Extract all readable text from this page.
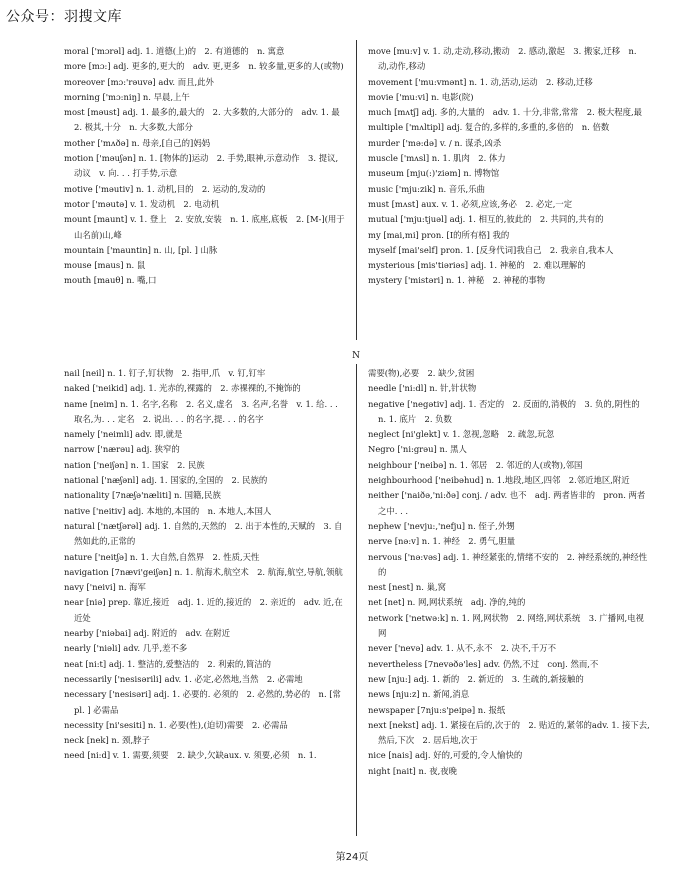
公众号：羽搜文库

moral ['mɔrəl] adj. 1. 道德(上)的　2. 有道德的　n. 寓意

more [mɔ:] adj. 更多的,更大的　adv. 更,更多　n. 较多量,更多的人(或物)

moreover [mɔ:'rəuvə] adv. 而且,此外

morning ['mɔ:niŋ] n. 早晨,上午

most [məust] adj. 1. 最多的,最大的　2. 大多数的,大部分的　adv. 1. 最　2. 极其,十分　n. 大多数,大部分

mother ['mʌðə] n. 母亲,[自己的]妈妈

motion ['məuʃən] n. 1. [物体的]运动　2. 手势,眼神,示意动作　3. 提议,动议　v. 向. . . 打手势,示意

motive ['məutiv] n. 1. 动机,目的　2. 运动的,发动的

motor ['məutə] v. 1. 发动机　2. 电动机

mount [maunt] v. 1. 登上　2. 安放,安装　n. 1. 底座,底板　2. [M-](用于山名前)山,峰

mountain ['mauntin] n. 山, [pl. ] 山脉

mouse [maus] n. 鼠

mouth [mauθ] n. 嘴,口

move [mu:v] v. 1. 动,走动,移动,搬动　2. 感动,激起　3. 搬家,迁移　n. 动,动作,移动

movement ['mu:vmənt] n. 1. 动,活动,运动　2. 移动,迁移

movie ['mu:vi] n. 电影(院)

much [mʌtʃ] adj. 多的,大量的　adv. 1. 十分,非常,常常　2. 极大程度,最

multiple ['mʌltipl] adj. 复合的,多样的,多重的,多倍的　n. 倍数

murder ['mə:də] v. / n. 谋杀,凶杀

muscle ['mʌsl] n. 1. 肌肉　2. 体力

museum [mju(:)'ziəm] n. 博物馆

music ['mju:zik] n. 音乐,乐曲

must [mʌst] aux. v. 1. 必须,应该,务必　2. 必定,一定

mutual ['mju:tjuəl] adj. 1. 相互的,彼此的　2. 共同的,共有的

my [mai,mi] pron. [I的所有格] 我的

myself [mai'self] pron. 1. [反身代词]我自己　2. 我亲自,我本人

mysterious [mis'tiəriəs] adj. 1. 神秘的　2. 难以理解的

mystery ['mistəri] n. 1. 神秘　2. 神秘的事物

N

nail [neil] n. 1. 钉子,钉状物　2. 指甲,爪　v. 钉,钉牢

naked ['neikid] adj. 1. 光赤的,裸露的　2. 赤裸裸的,不掩饰的

name [neim] n. 1. 名字,名称　2. 名义,虚名　3. 名声,名誉　v. 1. 给. . . 取名,为. . . 定名　2. 说出. . . 的名字,提. . . 的名字

namely ['neimli] adv. 即,就是

narrow ['nærəu] adj. 狭窄的

nation ['neiʃən] n. 1. 国家　2. 民族

national ['næʃənl] adj. 1. 国家的,全国的　2. 民族的

nationality [7næʃə'næliti] n. 国籍,民族

native ['neitiv] adj. 本地的,本国的　n. 本地人,本国人

natural ['nætʃərəl] adj. 1. 自然的,天然的　2. 出于本性的,天赋的　3. 自然如此的,正常的

nature ['neitʃə] n. 1. 大自然,自然界　2. 性质,天性

navigation [7nævi'geiʃən] n. 1. 航海术,航空术　2. 航海,航空,导航,领航

navy ['neivi] n. 海军

near [niə] prep. 靠近,接近　adj. 1. 近的,接近的　2. 亲近的　adv. 近,在近处

nearby ['niəbai] adj. 附近的　adv. 在附近

nearly ['niəli] adv. 几乎,差不多

neat [ni:t] adj. 1. 整洁的,爱整洁的　2. 利索的,简洁的

necessarily ['nesisərili] adv. 1. 必定,必然地,当然　2. 必需地

necessary ['nesisəri] adj. 1. 必要的. 必须的　2. 必然的,势必的　n. [常pl. ] 必需品

necessity [ni'sesiti] n. 1. 必要(性),(迫切)需要　2. 必需品

neck [nek] n. 颈,脖子

need [ni:d] v. 1. 需要,须要　2. 缺少,欠缺aux. v. 须要,必须　n. 1.

需要(物),必要　2. 缺少,贫困

needle ['ni:dl] n. 针,针状物

negative ['negətiv] adj. 1. 否定的　2. 反面的,消极的　3. 负的,阴性的　n. 1. 底片　2. 负数

neglect [ni'glekt] v. 1. 忽视,忽略　2. 疏忽,玩忽

Negro ['ni:grəu] n. 黑人

neighbour ['neibə] n. 1. 邻居　2. 邻近的人(或物),邻国

neighbourhood ['neibəhud] n. 1.地段,地区,四邻　2.邻近地区,附近

neither ['naiðə,'ni:ðə] conj. / adv. 也不　adj. 两者皆非的　pron. 两者之中. . .

nephew ['nevju:,'nefju] n. 侄子,外甥

nerve [nə:v] n. 1. 神经　2. 勇气,胆量

nervous ['nə:vəs] adj. 1. 神经紧张的,情绪不安的　2. 神经系统的,神经性的

nest [nest] n. 巢,窝

net [net] n. 网,网状系统　adj. 净的,纯的

network ['netwə:k] n. 1. 网,网状物　2. 网络,网状系统　3. 广播网,电视网

never ['nevə] adv. 1. 从不,永不　2. 决不,千万不

nevertheless [7nevəðə'les] adv. 仍然,不过　conj. 然而,不

new [nju:] adj. 1. 新的　2. 新近的　3. 生疏的,新接触的

news [nju:z] n. 新闻,消息

newspaper [7nju:s'peipə] n. 报纸

next [nekst] adj. 1. 紧接在后的,次于的　2. 贴近的,紧邻的adv. 1. 接下去,然后,下次　2. 居后地,次于

nice [nais] adj. 好的,可爱的,令人愉快的

night [nait] n. 夜,夜晚

第24页
